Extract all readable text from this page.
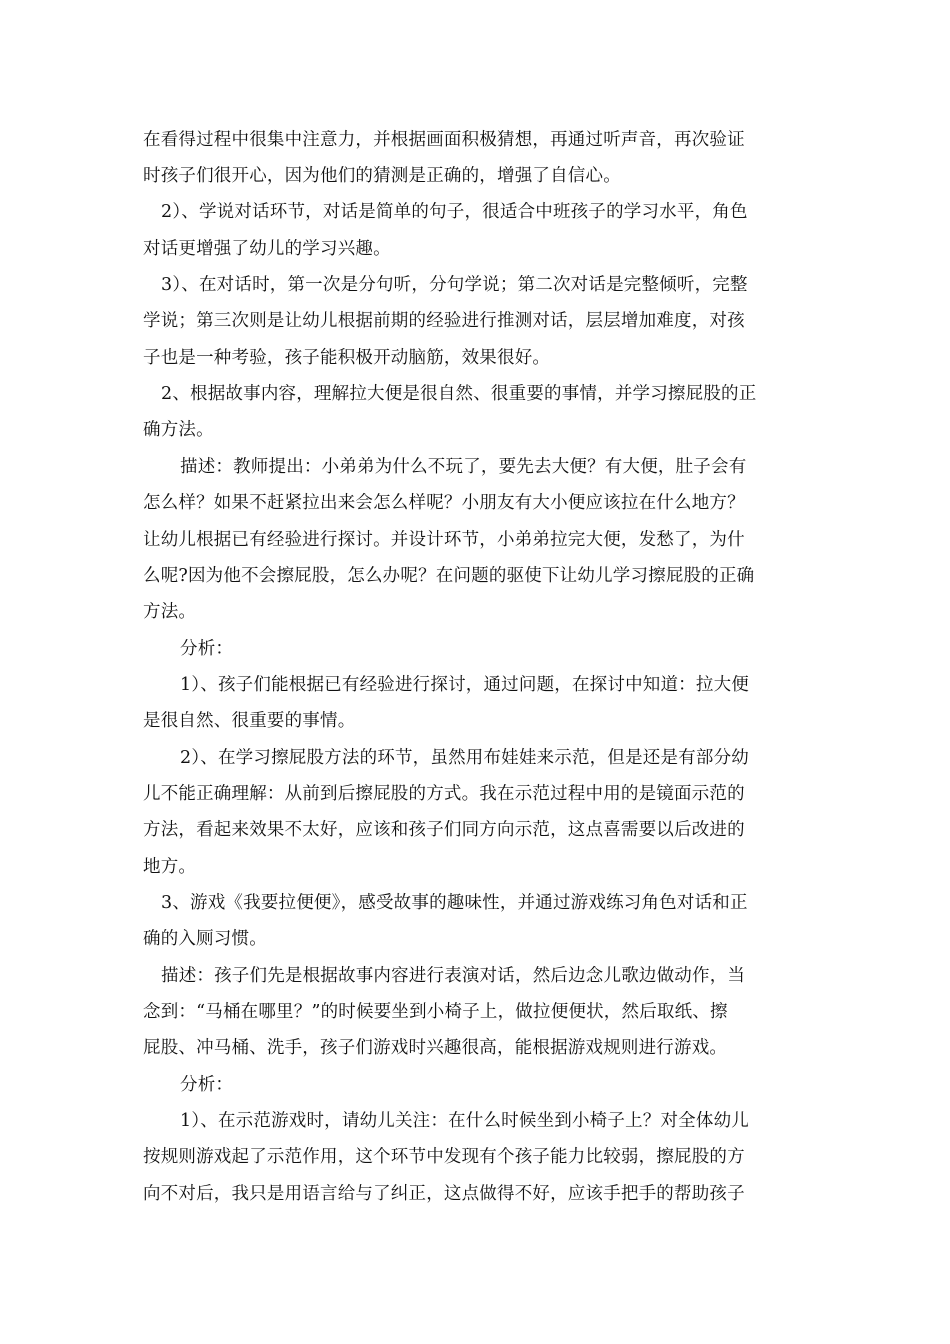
在看得过程中很集中注意力，并根据画面积极猜想，再通过听声音，再次验证
时孩子们很开心，因为他们的猜测是正确的，增强了自信心。
2）、学说对话环节，对话是简单的句子，很适合中班孩子的学习水平，角色
对话更增强了幼儿的学习兴趣。
3）、在对话时，第一次是分句听，分句学说；第二次对话是完整倾听，完整
学说；第三次则是让幼儿根据前期的经验进行推测对话，层层增加难度，对孩
子也是一种考验，孩子能积极开动脑筋，效果很好。
2、根据故事内容，理解拉大便是很自然、很重要的事情，并学习擦屁股的正
确方法。
描述：教师提出：小弟弟为什么不玩了，要先去大便？有大便，肚子会有
怎么样？如果不赶紧拉出来会怎么样呢？小朋友有大小便应该拉在什么地方？
让幼儿根据已有经验进行探讨。并设计环节，小弟弟拉完大便，发愁了，为什
么呢?因为他不会擦屁股，怎么办呢？在问题的驱使下让幼儿学习擦屁股的正确
方法。
分析：
1）、孩子们能根据已有经验进行探讨，通过问题，在探讨中知道：拉大便
是很自然、很重要的事情。
2）、在学习擦屁股方法的环节，虽然用布娃娃来示范，但是还是有部分幼
儿不能正确理解：从前到后擦屁股的方式。我在示范过程中用的是镜面示范的
方法，看起来效果不太好，应该和孩子们同方向示范，这点喜需要以后改进的
地方。
3、游戏《我要拉便便》，感受故事的趣味性，并通过游戏练习角色对话和正
确的入厕习惯。
描述：孩子们先是根据故事内容进行表演对话，然后边念儿歌边做动作，当
念到：“马桶在哪里？”的时候要坐到小椅子上，做拉便便状，然后取纸、擦
屁股、冲马桶、洗手，孩子们游戏时兴趣很高，能根据游戏规则进行游戏。
分析：
1）、在示范游戏时，请幼儿关注：在什么时候坐到小椅子上？对全体幼儿
按规则游戏起了示范作用，这个环节中发现有个孩子能力比较弱，擦屁股的方
向不对后，我只是用语言给与了纠正，这点做得不好，应该手把手的帮助孩子
